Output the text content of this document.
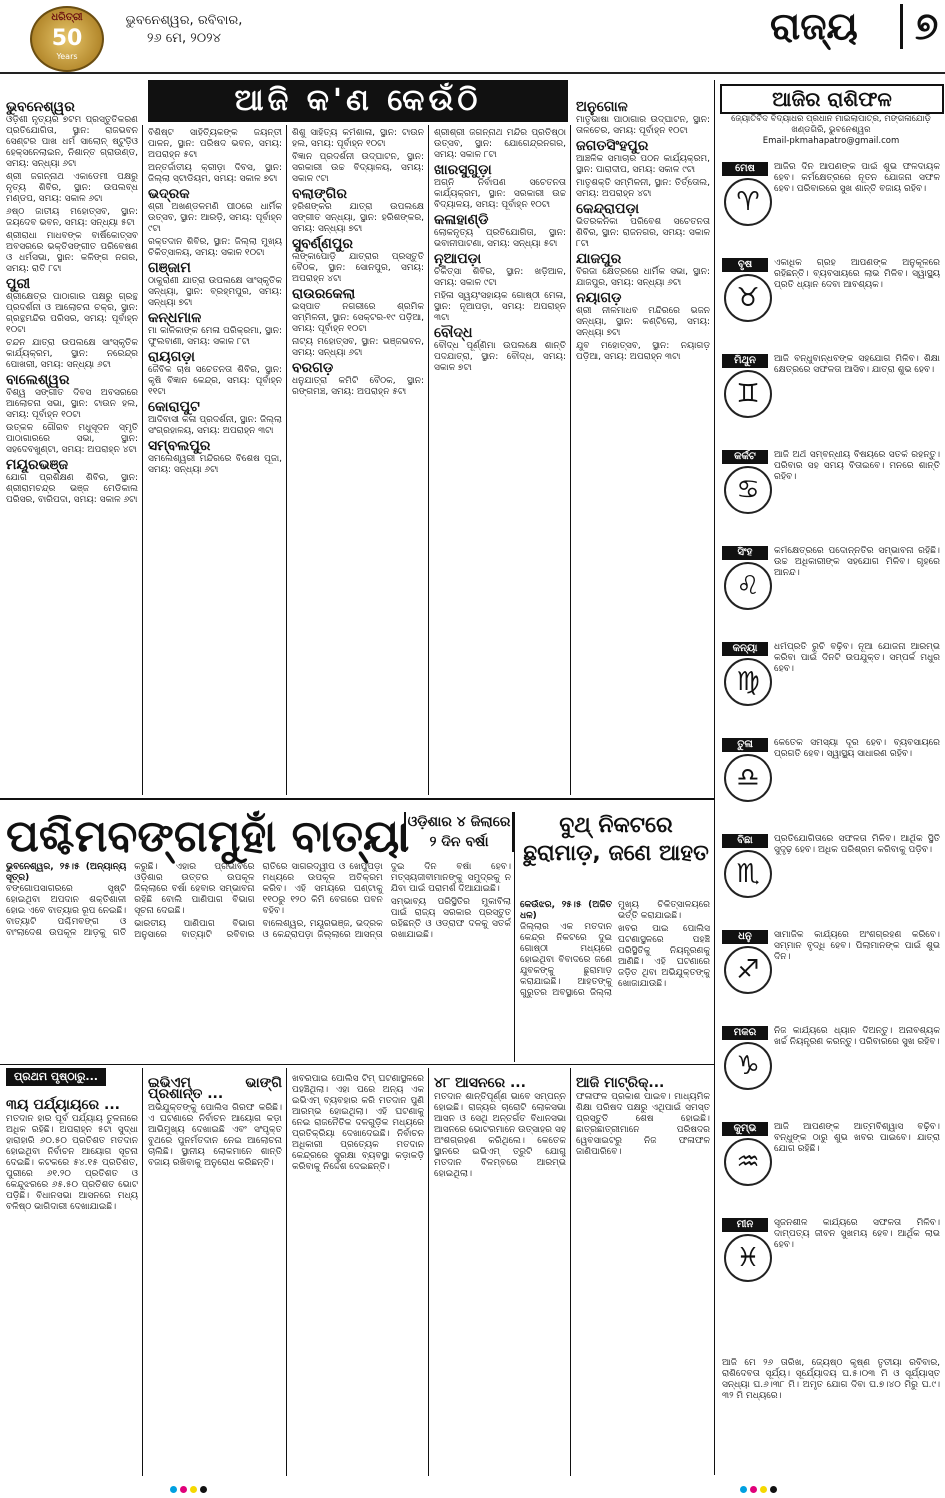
ଧରିତ୍ରୀ
50
Years
ଭୁବନେଶ୍ୱର, ରବିବାର,
୨୬ ମେ, ୨୦୨୪	ରାଜ୍ୟ	୭
ଆଜି କ'ଣ କେଉଁଠି
ଭୁବନେଶ୍ୱର
ଓଡ଼ିଶୀ ନୃତ୍ୟର ୭ଟମ ପ୍ରସ୍ତୁତିକରଣ ପ୍ରତିଯୋଗିତା, ସ୍ଥାନ: ରାଜଭବନ ସେଣ୍ଟର ପାଖ ଧର୍ମ ସାଲୋନ୍ ଷ୍ଟୁଡ଼ିଓ ହେକ୍ସନେଲାଇନ, ନିଶାନ୍ତ ଗ୍ରାଉଣ୍ଡ, ସମୟ: ସନ୍ଧ୍ୟା ୬ଟା
ଶ୍ରୀ ଜଗନ୍ନାଥ ଏକାଡେମୀ ପକ୍ଷରୁ ନୃତ୍ୟ ଶିବିର, ସ୍ଥାନ: ଉପଲବ୍ଧ ମଣ୍ଡପ, ସମୟ: ସକାଳ ୬ଟା
୬ଷ୍ଠ ଜାତୀୟ ମହୋତ୍ସବ, ସ୍ଥାନ: ଜୟଦେବ ଭବନ, ସମୟ: ସନ୍ଧ୍ୟା ୫ଟା
ଶ୍ରୀରାଧା ମାଧବଙ୍କ ବାର୍ଷିକୋତ୍ସବ ଅବସରରେ ଭକ୍ତିସଙ୍ଗୀତ ପରିବେଷଣ ଓ ଧର୍ମସଭା, ସ୍ଥାନ: କଳିଙ୍ଗ ନଗର, ସମୟ: ରାତି ୮ଟା
ପୁରୀ
ଶ୍ରୀକ୍ଷେତ୍ର ପାଠାଗାର ପକ୍ଷରୁ ଗ୍ରନ୍ଥ ପ୍ରଦର୍ଶନୀ ଓ ଆଲୋଚନା ଚକ୍ର, ସ୍ଥାନ: ଗ୍ରନ୍ଥମନ୍ଦିର ପରିସର, ସମୟ: ପୂର୍ବାହ୍ନ ୧୦ଟା
ଚନ୍ଦନ ଯାତ୍ରା ଉପଲକ୍ଷେ ସାଂସ୍କୃତିକ କାର୍ଯ୍ୟକ୍ରମ, ସ୍ଥାନ: ନରେନ୍ଦ୍ର ପୋଖରୀ, ସମୟ: ସନ୍ଧ୍ୟା ୬ଟା
ବାଲେଶ୍ୱର
ବିଶ୍ୱ ସଙ୍ଗୀତ ଦିବସ ଅବସରରେ ଆଲୋଚନା ସଭା, ସ୍ଥାନ: ଟାଉନ ହଲ, ସମୟ: ପୂର୍ବାହ୍ନ ୧୦ଟା
ଉତ୍କଳ ଗୌରବ ମଧୁସୂଦନ ସ୍ମୃତି ପାଠାଗାରରେ ସଭା, ସ୍ଥାନ: ସହଦେବଖୁଣ୍ଟା, ସମୟ: ଅପରାହ୍ନ ୪ଟା
ମୟୂରଭଞ୍ଜ
ଯୋଗ ପ୍ରଶିକ୍ଷଣ ଶିବିର, ସ୍ଥାନ: ଶ୍ରୀରାମଚନ୍ଦ୍ର ଭଞ୍ଜ ମେଡିକାଲ ପରିସର, ବାରିପଦା, ସମୟ: ସକାଳ ୬ଟା
ବିଶିଷ୍ଟ ସାହିତ୍ୟିକଙ୍କ ଜୟନ୍ତୀ ପାଳନ, ସ୍ଥାନ: ପରିଷଦ ଭବନ, ସମୟ: ଅପରାହ୍ନ ୫ଟା
ଅନ୍ତର୍ଜାତୀୟ କ୍ରୀଡ଼ା ଦିବସ, ସ୍ଥାନ: ଜିଲ୍ଲା ସ୍ଟାଡିୟମ, ସମୟ: ସକାଳ ୭ଟା
ଭଦ୍ରକ
ଶ୍ରୀ ଅଖଣ୍ଡଳମଣି ପୀଠରେ ଧାର୍ମିକ ଉତ୍ସବ, ସ୍ଥାନ: ଆରଡ଼ି, ସମୟ: ପୂର୍ବାହ୍ନ ୯ଟା
ରକ୍ତଦାନ ଶିବିର, ସ୍ଥାନ: ଜିଲ୍ଲା ମୁଖ୍ୟ ଚିକିତ୍ସାଳୟ, ସମୟ: ସକାଳ ୧୦ଟା
ଗଞ୍ଜାମ
ଠାକୁରାଣୀ ଯାତ୍ରା ଉପଲକ୍ଷେ ସାଂସ୍କୃତିକ ସନ୍ଧ୍ୟା, ସ୍ଥାନ: ବ୍ରହ୍ମପୁର, ସମୟ: ସନ୍ଧ୍ୟା ୭ଟା
କନ୍ଧମାଳ
ମା କାଳିକାଙ୍କ ମେଳା ପରିକ୍ରମା, ସ୍ଥାନ: ଫୁଲବାଣୀ, ସମୟ: ସକାଳ ୮ଟା
ରାୟଗଡ଼ା
ଜୈବିକ ଚାଷ ସଚେତନତା ଶିବିର, ସ୍ଥାନ: କୃଷି ବିଜ୍ଞାନ କେନ୍ଦ୍ର, ସମୟ: ପୂର୍ବାହ୍ନ ୧୧ଟା
କୋରାପୁଟ
ଆଦିବାସୀ କଳା ପ୍ରଦର୍ଶନୀ, ସ୍ଥାନ: ଜିଲ୍ଲା ସଂଗ୍ରହାଳୟ, ସମୟ: ଅପରାହ୍ନ ୩ଟା
ସମ୍ବଲପୁର
ସମଲେଶ୍ୱରୀ ମନ୍ଦିରରେ ବିଶେଷ ପୂଜା, ସମୟ: ସନ୍ଧ୍ୟା ୬ଟା
ଶିଶୁ ସାହିତ୍ୟ କର୍ମଶାଳା, ସ୍ଥାନ: ଟାଉନ ହଲ, ସମୟ: ପୂର୍ବାହ୍ନ ୧୦ଟା
ବିଜ୍ଞାନ ପ୍ରଦର୍ଶନୀ ଉଦ୍‌ଘାଟନ, ସ୍ଥାନ: ସରକାରୀ ଉଚ୍ଚ ବିଦ୍ୟାଳୟ, ସମୟ: ସକାଳ ୯ଟା
ବଲାଙ୍ଗିର
ହରିଶଙ୍କର ଯାତ୍ରା ଉପଲକ୍ଷେ ସଙ୍ଗୀତ ସନ୍ଧ୍ୟା, ସ୍ଥାନ: ହରିଶଙ୍କର, ସମୟ: ସନ୍ଧ୍ୟା ୭ଟା
ସୁବର୍ଣ୍ଣପୁର
ଲଙ୍କାପୋଡ଼ି ଯାତ୍ରାର ପ୍ରସ୍ତୁତି ବୈଠକ, ସ୍ଥାନ: ସୋନପୁର, ସମୟ: ଅପରାହ୍ନ ୪ଟା
ରାଉରକେଲା
ଇସ୍ପାତ ନଗରୀରେ ଶ୍ରମିକ ସମ୍ମିଳନୀ, ସ୍ଥାନ: ସେକ୍ଟର-୧୯ ପଡ଼ିଆ, ସମୟ: ପୂର୍ବାହ୍ନ ୧୦ଟା
ନାଟ୍ୟ ମହୋତ୍ସବ, ସ୍ଥାନ: ଭଞ୍ଜଭବନ, ସମୟ: ସନ୍ଧ୍ୟା ୬ଟା
ବରଗଡ଼
ଧନୁଯାତ୍ରା କମିଟି ବୈଠକ, ସ୍ଥାନ: ରଙ୍ଗମଞ୍ଚ, ସମୟ: ଅପରାହ୍ନ ୫ଟା
ଶ୍ରୀଶ୍ରୀ ଜଗନ୍ନାଥ ମନ୍ଦିର ପ୍ରତିଷ୍ଠା ଉତ୍ସବ, ସ୍ଥାନ: ଯୋଗେନ୍ଦ୍ରନଗର, ସମୟ: ସକାଳ ୮ଟା
ଖାରସୁଗୁଡ଼ା
ଅଗ୍ନି ନିର୍ବାପଣ ସଚେତନତା କାର୍ଯ୍ୟକ୍ରମ, ସ୍ଥାନ: ସରକାରୀ ଉଚ୍ଚ ବିଦ୍ୟାଳୟ, ସମୟ: ପୂର୍ବାହ୍ନ ୧୦ଟା
କଳାହାଣ୍ଡି
ଲୋକନୃତ୍ୟ ପ୍ରତିଯୋଗିତା, ସ୍ଥାନ: ଭବାନୀପାଟଣା, ସମୟ: ସନ୍ଧ୍ୟା ୫ଟା
ନୂଆପଡ଼ା
ଚିକିତ୍ସା ଶିବିର, ସ୍ଥାନ: ଖଡ଼ିଆଳ, ସମୟ: ସକାଳ ୯ଟା
ମହିଳା ସ୍ୱୟଂସହାୟକ ଗୋଷ୍ଠୀ ମେଳା, ସ୍ଥାନ: ନୂଆପଡ଼ା, ସମୟ: ଅପରାହ୍ନ ୩ଟା
ବୌଦ୍ଧ
ବୌଦ୍ଧ ପୂର୍ଣ୍ଣିମା ଉପଲକ୍ଷେ ଶାନ୍ତି ପଦଯାତ୍ରା, ସ୍ଥାନ: ବୌଦ୍ଧ, ସମୟ: ସକାଳ ୭ଟା
ଅନୁଗୋଳ
ମାତୃଭାଷା ପାଠାଗାର ଉଦ୍‌ଘାଟନ, ସ୍ଥାନ: ତାଳଚେର, ସମୟ: ପୂର୍ବାହ୍ନ ୧୦ଟା
ଜଗତସିଂହପୁର
ଆଞ୍ଚଳିକ ସମାଚାର ପଠନ କାର୍ଯ୍ୟକ୍ରମ, ସ୍ଥାନ: ପାରାଦୀପ, ସମୟ: ସକାଳ ୯ଟା
ମାତୃଶକ୍ତି ସମ୍ମିଳନୀ, ସ୍ଥାନ: ତିର୍ତ୍ତୋଲ, ସମୟ: ଅପରାହ୍ନ ୪ଟା
କେନ୍ଦ୍ରାପଡ଼ା
ଭିତରକନିକା ପରିବେଶ ସଚେତନତା ଶିବିର, ସ୍ଥାନ: ରାଜନଗର, ସମୟ: ସକାଳ ୮ଟା
ଯାଜପୁର
ବିରଜା କ୍ଷେତ୍ରରେ ଧାର୍ମିକ ସଭା, ସ୍ଥାନ: ଯାଜପୁର, ସମୟ: ସନ୍ଧ୍ୟା ୬ଟା
ନୟାଗଡ଼
ଶ୍ରୀ ନୀଳମାଧବ ମନ୍ଦିରରେ ଭଜନ ସନ୍ଧ୍ୟା, ସ୍ଥାନ: କଣ୍ଟିଲୋ, ସମୟ: ସନ୍ଧ୍ୟା ୭ଟା
ଯୁବ ମହୋତ୍ସବ, ସ୍ଥାନ: ନୟାଗଡ଼ ପଡ଼ିଆ, ସମୟ: ଅପରାହ୍ନ ୩ଟା
ଆଜିର ରାଶିଫଳ
ଜ୍ୟୋତିର୍ବିଦ ବିଦ୍ୟାଧର ପ୍ରଧାନ ମାଇଲାପାତ୍ର, ମଙ୍ଗଳାଯୋଡ଼ି ଖଣ୍ଡଗିରି, ଭୁବନେଶ୍ୱର
Email-pkmahapatro@gmail.com
ମେଷ
♈
ଆଜିର ଦିନ ଆପଣଙ୍କ ପାଇଁ ଶୁଭ ଫଳଦାୟକ ହେବ। କର୍ମକ୍ଷେତ୍ରରେ ନୂତନ ଯୋଜନା ସଫଳ ହେବ। ପରିବାରରେ ସୁଖ ଶାନ୍ତି ବଜାୟ ରହିବ।
ବୃଷ
♉
ଏକାଧିକ ଗ୍ରହ ଆପଣଙ୍କ ଅନୁକୂଳରେ ରହିଛନ୍ତି। ବ୍ୟବସାୟରେ ଲାଭ ମିଳିବ। ସ୍ୱାସ୍ଥ୍ୟ ପ୍ରତି ଧ୍ୟାନ ଦେବା ଆବଶ୍ୟକ।
ମିଥୁନ
♊
ଆଜି ବନ୍ଧୁବାନ୍ଧବଙ୍କ ସହଯୋଗ ମିଳିବ। ଶିକ୍ଷା କ୍ଷେତ୍ରରେ ସଫଳତା ଆସିବ। ଯାତ୍ରା ଶୁଭ ହେବ।
କର୍କଟ
♋
ଆଜି ଅର୍ଥ ସମ୍ବନ୍ଧୀୟ ବିଷୟରେ ସତର୍କ ରହନ୍ତୁ। ପରିବାର ସହ ସମୟ ବିତାଇବେ। ମନରେ ଶାନ୍ତି ରହିବ।
ସିଂହ
♌
କର୍ମକ୍ଷେତ୍ରରେ ପଦୋନ୍ନତିର ସମ୍ଭାବନା ରହିଛି। ଉଚ୍ଚ ଅଧିକାରୀଙ୍କ ସହଯୋଗ ମିଳିବ। ଗୃହରେ ଆନନ୍ଦ।
କନ୍ୟା
♍
ଧର୍ମପ୍ରତି ରୁଚି ବଢ଼ିବ। ନୂଆ ଯୋଜନା ଆରମ୍ଭ କରିବା ପାଇଁ ଦିନଟି ଉପଯୁକ୍ତ। ସମ୍ପର୍କ ମଧୁର ହେବ।
ତୁଳା
♎
କେତେକ ସମସ୍ୟା ଦୂର ହେବ। ବ୍ୟବସାୟରେ ପ୍ରଗତି ହେବ। ସ୍ୱାସ୍ଥ୍ୟ ସାଧାରଣ ରହିବ।
ବିଛା
♏
ପ୍ରତିଯୋଗିତାରେ ସଫଳତା ମିଳିବ। ଆର୍ଥିକ ସ୍ଥିତି ସୁଦୃଢ଼ ହେବ। ଅଧିକ ପରିଶ୍ରମ କରିବାକୁ ପଡ଼ିବ।
ଧନୁ
♐
ସାମାଜିକ କାର୍ଯ୍ୟରେ ଅଂଶଗ୍ରହଣ କରିବେ। ସମ୍ମାନ ବୃଦ୍ଧି ହେବ। ପିଲାମାନଙ୍କ ପାଇଁ ଶୁଭ ଦିନ।
ମକର
♑
ନିଜ କାର୍ଯ୍ୟରେ ଧ୍ୟାନ ଦିଅନ୍ତୁ। ଅନାବଶ୍ୟକ ଖର୍ଚ୍ଚ ନିୟନ୍ତ୍ରଣ କରନ୍ତୁ। ପରିବାରରେ ସୁଖ ରହିବ।
କୁମ୍ଭ
♒
ଆଜି ଆପଣଙ୍କ ଆତ୍ମବିଶ୍ୱାସ ବଢ଼ିବ। ବନ୍ଧୁଙ୍କ ଠାରୁ ଶୁଭ ଖବର ପାଇବେ। ଯାତ୍ରା ଯୋଗ ରହିଛି।
ମୀନ
♓
ସୃଜନଶୀଳ କାର୍ଯ୍ୟରେ ସଫଳତା ମିଳିବ। ଦାମ୍ପତ୍ୟ ଜୀବନ ସୁଖମୟ ହେବ। ଆର୍ଥିକ ଲାଭ ହେବ।
ଆଜି ମେ ୨୬ ତାରିଖ, ଜ୍ୟେଷ୍ଠ କୃଷ୍ଣ ତୃତୀୟା ରବିବାର, ରାଶିଦେବତା ସୂର୍ଯ୍ୟ। ସୂର୍ଯ୍ୟୋଦୟ ଘ.୫।୦୩ ମି ଓ ସୂର୍ଯ୍ୟାସ୍ତ ସନ୍ଧ୍ୟା ଘ.୬।୩୮ ମି। ଅମୃତ ଯୋଗ ଦିବା ଘ.୭।୪୦ ମିରୁ ଘ.୯।୩୨ ମି ମଧ୍ୟରେ।
ପଶ୍ଚିମବଙ୍ଗମୁହାଁ ବାତ୍ୟା
ଓଡ଼ିଶାର ୪ ଜିଲାରେ ୨ ଦିନ ବର୍ଷା
ଭୁବନେଶ୍ୱର, ୨୫।୫ (ଅନ୍ୟାନ୍ୟ ସୂତ୍ର)
ବଙ୍ଗୋପସାଗରରେ ସୃଷ୍ଟି ହୋଇଥିବା ଅପଦାନ ଶକ୍ତିଶାଳୀ ହୋଇ ଏବେ ବାତ୍ୟାର ରୂପ ନେଇଛି। ବାତ୍ୟାଟି ପଶ୍ଚିମବଙ୍ଗ ଓ ବାଂଲାଦେଶ ଉପକୂଳ ଆଡ଼କୁ ଗତି କରୁଛି। ଏହାର ପ୍ରଭାବରେ ଓଡ଼ିଶାର ଉତ୍ତର ଉପକୂଳ ଜିଲ୍ଲାରେ ବର୍ଷା ହେବାର ସମ୍ଭାବନା ରହିଛି ବୋଲି ପାଣିପାଗ ବିଭାଗ ସୂଚନା ଦେଇଛି।
ଭାରତୀୟ ପାଣିପାଗ ବିଭାଗ ଅନୁସାରେ ବାତ୍ୟାଟି ରବିବାର ରାତିରେ ସାଗରଦ୍ୱୀପ ଓ ଖେପୁପଡ଼ା ମଧ୍ୟରେ ଉପକୂଳ ଅତିକ୍ରମ କରିବ। ଏହି ସମୟରେ ଘଣ୍ଟାକୁ ୧୧୦ରୁ ୧୨୦ କିମି ବେଗରେ ପବନ ବହିବ।
ବାଲେଶ୍ୱର, ମୟୂରଭଞ୍ଜ, ଭଦ୍ରକ ଓ କେନ୍ଦ୍ରାପଡ଼ା ଜିଲ୍ଲାରେ ଆସନ୍ତା ଦୁଇ ଦିନ ବର୍ଷା ହେବ। ମତ୍ସ୍ୟଜୀବୀମାନଙ୍କୁ ସମୁଦ୍ରକୁ ନ ଯିବା ପାଇଁ ପରାମର୍ଶ ଦିଆଯାଇଛି।
ସମ୍ଭାବ୍ୟ ପରିସ୍ଥିତିର ମୁକାବିଲା ପାଇଁ ରାଜ୍ୟ ସରକାର ପ୍ରସ୍ତୁତ ରହିଛନ୍ତି ଓ ଓଡ୍ରାଫ ଦଳକୁ ସତର୍କ ରଖାଯାଇଛି।
ବୁଥ୍ ନିକଟରେ ଛୁରାମାଡ଼, ଜଣେ ଆହତ
କେଉଁଝର, ୨୫।୫ (ଅଜିତ ଧଳ)
ଜିଲ୍ଲାର ଏକ ମତଦାନ କେନ୍ଦ୍ର ନିକଟରେ ଦୁଇ ଗୋଷ୍ଠୀ ମଧ୍ୟରେ ହୋଇଥିବା ବିବାଦରେ ଜଣେ ଯୁବକଙ୍କୁ ଛୁରାମାଡ଼ କରାଯାଇଛି। ଆହତଙ୍କୁ ଗୁରୁତର ଅବସ୍ଥାରେ ଜିଲ୍ଲା ମୁଖ୍ୟ ଚିକିତ୍ସାଳୟରେ ଭର୍ତ୍ତି କରାଯାଇଛି।
ଖବର ପାଇ ପୋଲିସ ଘଟଣାସ୍ଥଳରେ ପହଞ୍ଚି ପରିସ୍ଥିତିକୁ ନିୟନ୍ତ୍ରଣକୁ ଆଣିଛି। ଏହି ଘଟଣାରେ ଜଡ଼ିତ ଥିବା ଅଭିଯୁକ୍ତଙ୍କୁ ଖୋଜାଯାଉଛି।
ପ୍ରଥମ ପୃଷ୍ଠାରୁ...
୩ୟ ପର୍ଯ୍ୟାୟରେ ...
ମତଦାନ ହାର ପୂର୍ବ ପର୍ଯ୍ୟାୟ ତୁଳନାରେ ଅଧିକ ରହିଛି। ଅପରାହ୍ନ ୫ଟା ସୁଦ୍ଧା ହାରାହାରି ୬୦.୫୦ ପ୍ରତିଶତ ମତଦାନ ହୋଇଥିବା ନିର୍ବାଚନ ଆୟୋଗ ସୂଚନା ଦେଇଛି। କଟକରେ ୫୪.୧୫ ପ୍ରତିଶତ, ପୁରୀରେ ୬୧.୨୦ ପ୍ରତିଶତ ଓ କେନ୍ଦୁଝରରେ ୬୫.୫୦ ପ୍ରତିଶତ ଭୋଟ ପଡ଼ିଛି। ବିଧାନସଭା ଆସନରେ ମଧ୍ୟ ବଳିଷ୍ଠ ଭାଗିଦାରୀ ଦେଖାଯାଇଛି।
ଇଭିଏମ୍ ଭାଙ୍ଗି ପ୍ରଶାନ୍ତ ...
ଅଭିଯୁକ୍ତଙ୍କୁ ପୋଲିସ ଗିରଫ କରିଛି। ଏ ଘଟଣାରେ ନିର୍ବାଚନ ଆୟୋଗ କଡ଼ା ଆଭିମୁଖ୍ୟ ଦେଖାଇଛି ଏବଂ ସଂପୃକ୍ତ ବୁଥରେ ପୁନର୍ମତଦାନ ନେଇ ଆଲୋଚନା ଚାଲିଛି। ସ୍ଥାନୀୟ ଲୋକମାନେ ଶାନ୍ତି ବଜାୟ ରଖିବାକୁ ଅନୁରୋଧ କରିଛନ୍ତି।
ଖବରପାଇ ପୋଲିସ ଟିମ୍ ଘଟଣାସ୍ଥଳରେ ପହଞ୍ଚିଥିଲା। ଏହା ପରେ ଅନ୍ୟ ଏକ ଇଭିଏମ୍ ବ୍ୟବହାର କରି ମତଦାନ ପୁଣି ଆରମ୍ଭ ହୋଇଥିଲା। ଏହି ଘଟଣାକୁ ନେଇ ରାଜନୈତିକ ଦଳଗୁଡ଼ିକ ମଧ୍ୟରେ ପ୍ରତିକ୍ରିୟା ଦେଖାଦେଇଛି। ନିର୍ବାଚନ ଅଧିକାରୀ ପ୍ରତ୍ୟେକ ମତଦାନ କେନ୍ଦ୍ରରେ ସୁରକ୍ଷା ବ୍ୟବସ୍ଥା କଡ଼ାକଡ଼ି କରିବାକୁ ନିର୍ଦ୍ଦେଶ ଦେଇଛନ୍ତି।
୪୮ ଆସନରେ ...
ମତଦାନ ଶାନ୍ତିପୂର୍ଣ୍ଣ ଭାବେ ସମ୍ପନ୍ନ ହୋଇଛି। ରାଜ୍ୟର ଚାରୋଟି ଲୋକସଭା ଆସନ ଓ ସେଥି ଅନ୍ତର୍ଗତ ବିଧାନସଭା ଆସନରେ ଭୋଟରମାନେ ଉତ୍ସାହର ସହ ଅଂଶଗ୍ରହଣ କରିଥିଲେ। କେତେକ ସ୍ଥାନରେ ଇଭିଏମ୍ ତ୍ରୁଟି ଯୋଗୁ ମତଦାନ ବିଳମ୍ବରେ ଆରମ୍ଭ ହୋଇଥିଲା।
ଆଜି ମାଟ୍ରିକ୍...
ଫଳାଫଳ ପ୍ରକାଶ ପାଇବ। ମାଧ୍ୟମିକ ଶିକ୍ଷା ପରିଷଦ ପକ୍ଷରୁ ଏଥିପାଇଁ ସମସ୍ତ ପ୍ରସ୍ତୁତି ଶେଷ ହୋଇଛି। ଛାତ୍ରଛାତ୍ରୀମାନେ ପରିଷଦର ୱେବସାଇଟରୁ ନିଜ ଫଳାଫଳ ଜାଣିପାରିବେ।
